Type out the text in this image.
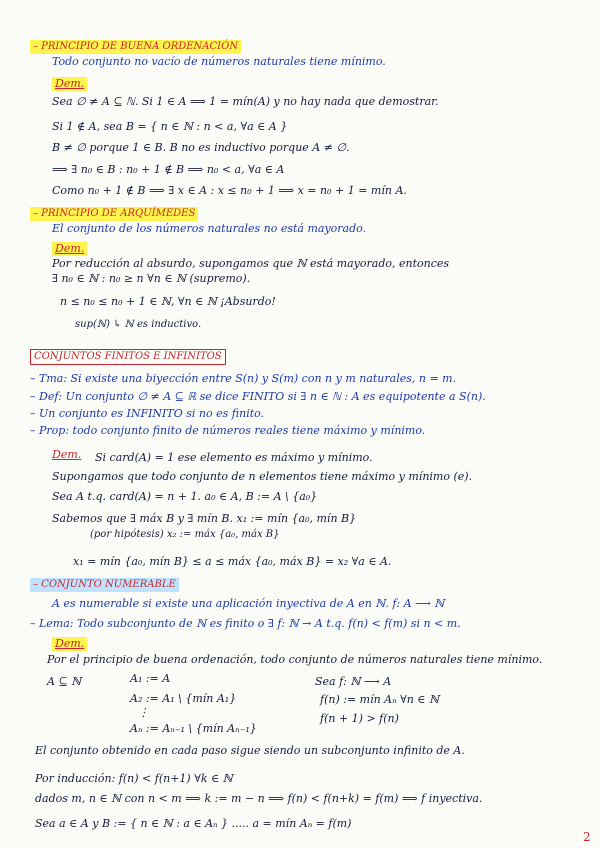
2
– PRINCIPIO DE BUENA ORDENACIÓN
Todo conjunto no vacío de números naturales tiene mínimo.
Dem.
Sea ∅ ≠ A ⊆ ℕ. Si 1 ∈ A ⟹ 1 = mín(A) y no hay nada que demostrar.
Si 1 ∉ A, sea B = { n ∈ ℕ : n < a, ∀a ∈ A }
B ≠ ∅ porque 1 ∈ B. B no es inductivo porque A ≠ ∅.
⟹ ∃ n₀ ∈ B : n₀ + 1 ∉ B ⟹ n₀ < a, ∀a ∈ A
Como n₀ + 1 ∉ B ⟹ ∃ x ∈ A : x ≤ n₀ + 1 ⟹ x = n₀ + 1 = mín A.
– PRINCIPIO DE ARQUÍMEDES
El conjunto de los números naturales no está mayorado.
Dem.
Por reducción al absurdo, supongamos que ℕ está mayorado, entonces
∃ n₀ ∈ ℕ : n₀ ≥ n ∀n ∈ ℕ (supremo).
n ≤ n₀ ≤ n₀ + 1 ∈ ℕ, ∀n ∈ ℕ ¡Absurdo!
sup(ℕ) ↳ ℕ es inductivo.
CONJUNTOS FINITOS E INFINITOS
– Tma: Si existe una biyección entre S(n) y S(m) con n y m naturales, n = m.
– Def: Un conjunto ∅ ≠ A ⊆ ℝ se dice FINITO si ∃ n ∈ ℕ : A es equipotente a S(n).
– Un conjunto es INFINITO si no es finito.
– Prop: todo conjunto finito de números reales tiene máximo y mínimo.
Dem. Si card(A) = 1 ese elemento es máximo y mínimo.
Supongamos que todo conjunto de n elementos tiene máximo y mínimo (e).
Sea A t.q. card(A) = n + 1. a₀ ∈ A, B := A \ {a₀}
Sabemos que ∃ máx B y ∃ mín B. x₁ := mín {a₀, mín B}
(por hipótesis) x₂ := máx {a₀, máx B}
x₁ = mín {a₀, mín B} ≤ a ≤ máx {a₀, máx B} = x₂ ∀a ∈ A.
– CONJUNTO NUMERABLE
A es numerable si existe una aplicación inyectiva de A en ℕ. f: A ⟶ ℕ
– Lema: Todo subconjunto de ℕ es finito o ∃ f: ℕ → A t.q. f(n) < f(m) si n < m.
Dem.
Por el principio de buena ordenación, todo conjunto de números naturales tiene mínimo.
A ⊆ ℕ	A₁ := A	Sea f: ℕ ⟶ A
A₂ := A₁ \ {mín A₁}	f(n) := mín Aₙ ∀n ∈ ℕ
⋮	f(n + 1) > f(n)
Aₙ := Aₙ₋₁ \ {mín Aₙ₋₁}
El conjunto obtenido en cada paso sigue siendo un subconjunto infinito de A.
Por inducción: f(n) < f(n+1) ∀k ∈ ℕ
dados m, n ∈ ℕ con n < m ⟹ k := m − n ⟹ f(n) < f(n+k) = f(m) ⟹ f inyectiva.
Sea a ∈ A y B := { n ∈ ℕ : a ∈ Aₙ } ..... a = mín Aₙ = f(m)
